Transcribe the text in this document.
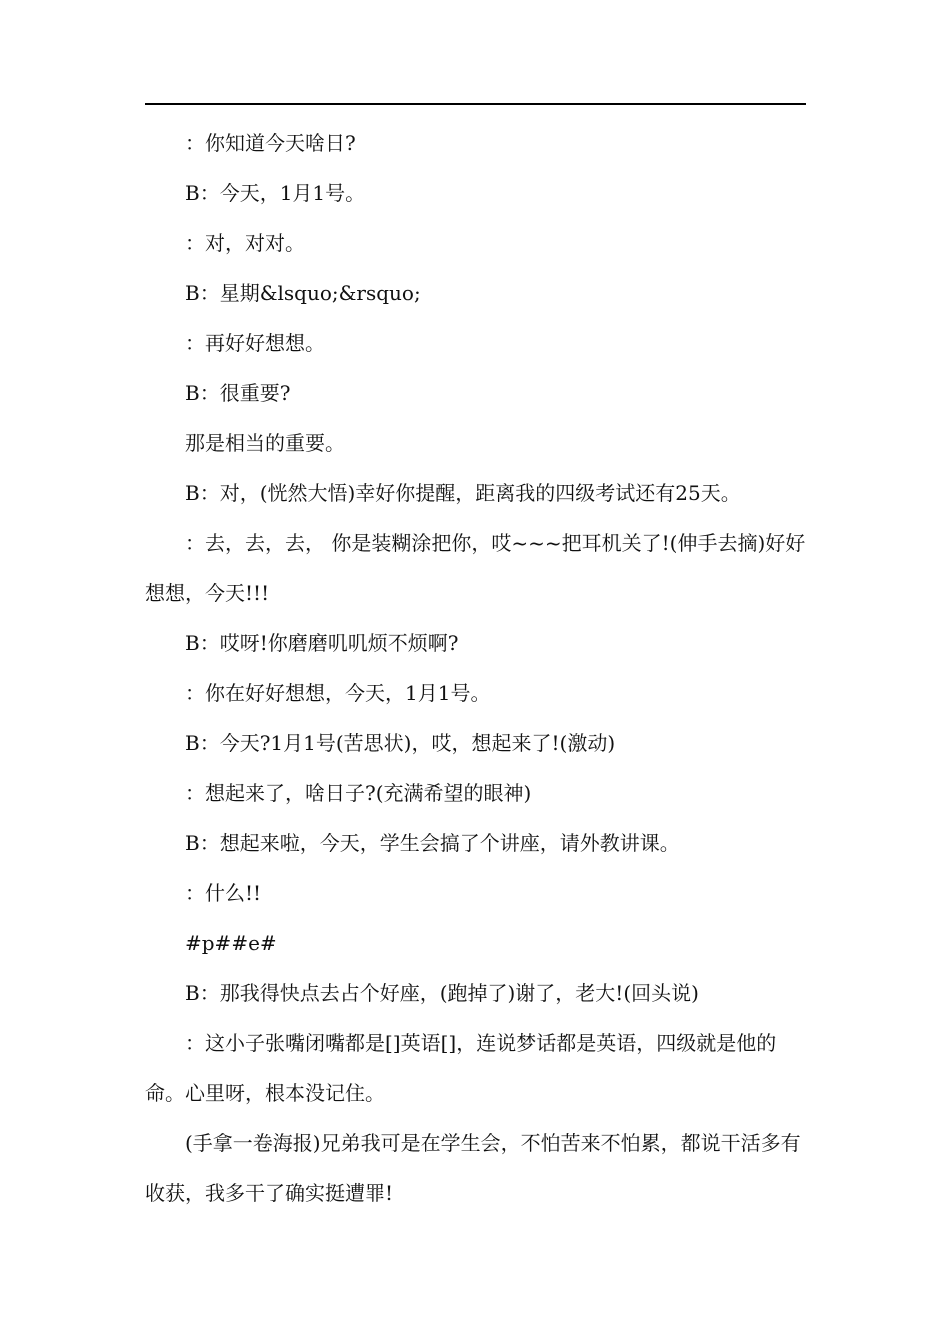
：你知道今天啥日?

B：今天，1月1号。

：对，对对。

B：星期&lsquo;&rsquo;

：再好好想想。

B：很重要?

那是相当的重要。

B：对，(恍然大悟)幸好你提醒，距离我的四级考试还有25天。

：去，去，去， 你是装糊涂把你，哎~~~把耳机关了!(伸手去摘)好好想想，今天!!!

B：哎呀!你磨磨叽叽烦不烦啊?

：你在好好想想，今天，1月1号。

B：今天?1月1号(苦思状)，哎，想起来了!(激动)

：想起来了，啥日子?(充满希望的眼神)

B：想起来啦，今天，学生会搞了个讲座，请外教讲课。

：什么!!

#p##e#

B：那我得快点去占个好座，(跑掉了)谢了，老大!(回头说)

：这小子张嘴闭嘴都是[]英语[]，连说梦话都是英语，四级就是他的命。心里呀，根本没记住。

(手拿一卷海报)兄弟我可是在学生会，不怕苦来不怕累，都说干活多有收获，我多干了确实挺遭罪!
